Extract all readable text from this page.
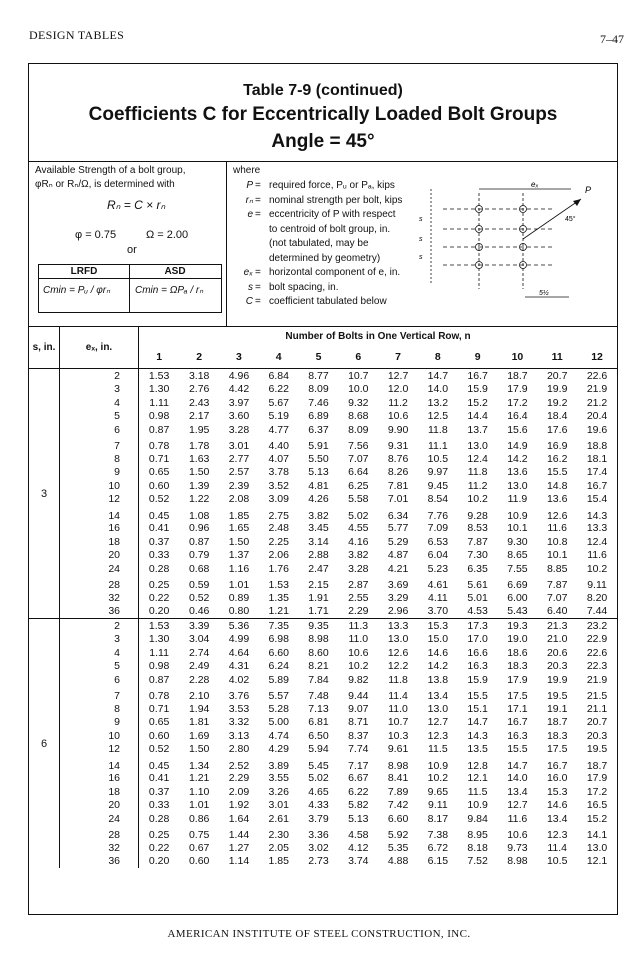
DESIGN TABLES	7–47
Table 7-9 (continued)
Coefficients C for Eccentrically Loaded Bolt Groups
Angle = 45°
Available Strength of a bolt group,
φRₙ or Rₙ/Ω, is determined with
Rₙ = C × rₙ
φ = 0.75	Ω = 2.00
or
LRFD
Cmin = Pᵤ / φrₙ
ASD
Cmin = ΩPₐ / rₙ
where
P = required force, Pᵤ or Pₐ, kips
rₙ = nominal strength per bolt, kips
e = eccentricity of P with respect
to centroid of bolt group, in.
(not tabulated, may be
determined by geometry)
eₓ = horizontal component of e, in.
s = bolt spacing, in.
C = coefficient tabulated below
eₓ
P
45°
5½
s
s
s
s, in.	eₓ, in.	Number of Bolts in One Vertical Row, n											
		1	2	3	4	5	6	7	8	9	10	11	12
3	2	1.53	3.18	4.96	6.84	8.77	10.7	12.7	14.7	16.7	18.7	20.7	22.6
	3	1.30	2.76	4.42	6.22	8.09	10.0	12.0	14.0	15.9	17.9	19.9	21.9
	4	1.11	2.43	3.97	5.67	7.46	9.32	11.2	13.2	15.2	17.2	19.2	21.2
	5	0.98	2.17	3.60	5.19	6.89	8.68	10.6	12.5	14.4	16.4	18.4	20.4
	6	0.87	1.95	3.28	4.77	6.37	8.09	9.90	11.8	13.7	15.6	17.6	19.6
	7	0.78	1.78	3.01	4.40	5.91	7.56	9.31	11.1	13.0	14.9	16.9	18.8
	8	0.71	1.63	2.77	4.07	5.50	7.07	8.76	10.5	12.4	14.2	16.2	18.1
	9	0.65	1.50	2.57	3.78	5.13	6.64	8.26	9.97	11.8	13.6	15.5	17.4
	10	0.60	1.39	2.39	3.52	4.81	6.25	7.81	9.45	11.2	13.0	14.8	16.7
	12	0.52	1.22	2.08	3.09	4.26	5.58	7.01	8.54	10.2	11.9	13.6	15.4
	14	0.45	1.08	1.85	2.75	3.82	5.02	6.34	7.76	9.28	10.9	12.6	14.3
	16	0.41	0.96	1.65	2.48	3.45	4.55	5.77	7.09	8.53	10.1	11.6	13.3
	18	0.37	0.87	1.50	2.25	3.14	4.16	5.29	6.53	7.87	9.30	10.8	12.4
	20	0.33	0.79	1.37	2.06	2.88	3.82	4.87	6.04	7.30	8.65	10.1	11.6
	24	0.28	0.68	1.16	1.76	2.47	3.28	4.21	5.23	6.35	7.55	8.85	10.2
	28	0.25	0.59	1.01	1.53	2.15	2.87	3.69	4.61	5.61	6.69	7.87	9.11
	32	0.22	0.52	0.89	1.35	1.91	2.55	3.29	4.11	5.01	6.00	7.07	8.20
	36	0.20	0.46	0.80	1.21	1.71	2.29	2.96	3.70	4.53	5.43	6.40	7.44
6	2	1.53	3.39	5.36	7.35	9.35	11.3	13.3	15.3	17.3	19.3	21.3	23.2
	3	1.30	3.04	4.99	6.98	8.98	11.0	13.0	15.0	17.0	19.0	21.0	22.9
	4	1.11	2.74	4.64	6.60	8.60	10.6	12.6	14.6	16.6	18.6	20.6	22.6
	5	0.98	2.49	4.31	6.24	8.21	10.2	12.2	14.2	16.3	18.3	20.3	22.3
	6	0.87	2.28	4.02	5.89	7.84	9.82	11.8	13.8	15.9	17.9	19.9	21.9
	7	0.78	2.10	3.76	5.57	7.48	9.44	11.4	13.4	15.5	17.5	19.5	21.5
	8	0.71	1.94	3.53	5.28	7.13	9.07	11.0	13.0	15.1	17.1	19.1	21.1
	9	0.65	1.81	3.32	5.00	6.81	8.71	10.7	12.7	14.7	16.7	18.7	20.7
	10	0.60	1.69	3.13	4.74	6.50	8.37	10.3	12.3	14.3	16.3	18.3	20.3
	12	0.52	1.50	2.80	4.29	5.94	7.74	9.61	11.5	13.5	15.5	17.5	19.5
	14	0.45	1.34	2.52	3.89	5.45	7.17	8.98	10.9	12.8	14.7	16.7	18.7
	16	0.41	1.21	2.29	3.55	5.02	6.67	8.41	10.2	12.1	14.0	16.0	17.9
	18	0.37	1.10	2.09	3.26	4.65	6.22	7.89	9.65	11.5	13.4	15.3	17.2
	20	0.33	1.01	1.92	3.01	4.33	5.82	7.42	9.11	10.9	12.7	14.6	16.5
	24	0.28	0.86	1.64	2.61	3.79	5.13	6.60	8.17	9.84	11.6	13.4	15.2
	28	0.25	0.75	1.44	2.30	3.36	4.58	5.92	7.38	8.95	10.6	12.3	14.1
	32	0.22	0.67	1.27	2.05	3.02	4.12	5.35	6.72	8.18	9.73	11.4	13.0
	36	0.20	0.60	1.14	1.85	2.73	3.74	4.88	6.15	7.52	8.98	10.5	12.1
AMERICAN INSTITUTE OF STEEL CONSTRUCTION, INC.
